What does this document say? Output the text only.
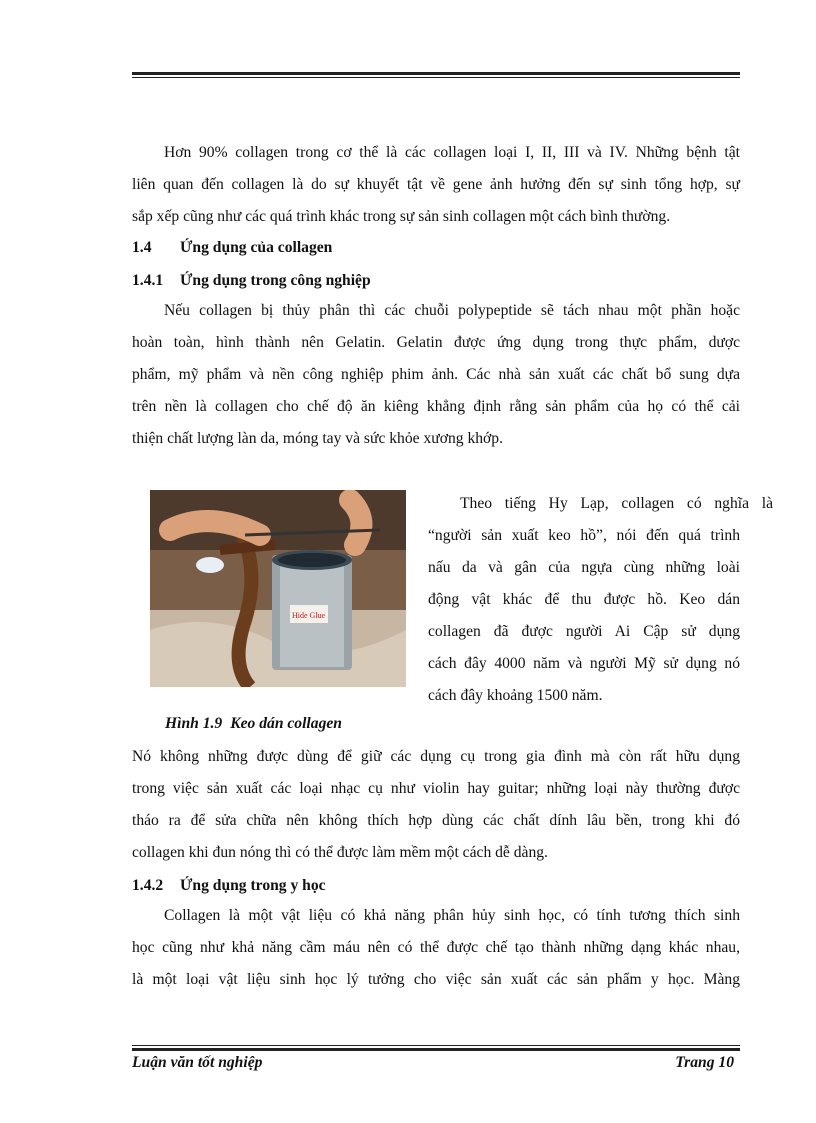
Hơn 90% collagen trong cơ thể là các collagen loại I, II, III và IV. Những bệnh tật
liên quan đến collagen là do sự khuyết tật về gene ảnh hưởng đến sự sinh tổng hợp, sự
sắp xếp cũng như các quá trình khác trong sự sản sinh collagen một cách bình thường.
1.4 Ứng dụng của collagen
1.4.1 Ứng dụng trong công nghiệp
Nếu collagen bị thủy phân thì các chuỗi polypeptide sẽ tách nhau một phần hoặc
hoàn toàn, hình thành nên Gelatin. Gelatin được ứng dụng trong thực phẩm, dược
phẩm, mỹ phẩm và nền công nghiệp phim ảnh. Các nhà sản xuất các chất bổ sung dựa
trên nền là collagen cho chế độ ăn kiêng khẳng định rằng sản phẩm của họ có thể cải
thiện chất lượng làn da, móng tay và sức khỏe xương khớp.
Hide Glue
Theo tiếng Hy Lạp, collagen có nghĩa là
“người sản xuất keo hồ”, nói đến quá trình
nấu da và gân của ngựa cùng những loài
động vật khác để thu được hồ. Keo dán
collagen đã được người Ai Cập sử dụng
cách đây 4000 năm và người Mỹ sử dụng nó
cách đây khoảng 1500 năm.
Hình 1.9 Keo dán collagen
Nó không những được dùng để giữ các dụng cụ trong gia đình mà còn rất hữu dụng
trong việc sản xuất các loại nhạc cụ như violin hay guitar; những loại này thường được
tháo ra để sửa chữa nên không thích hợp dùng các chất dính lâu bền, trong khi đó
collagen khi đun nóng thì có thể được làm mềm một cách dễ dàng.
1.4.2 Ứng dụng trong y học
Collagen là một vật liệu có khả năng phân hủy sinh học, có tính tương thích sinh
học cũng như khả năng cầm máu nên có thể được chế tạo thành những dạng khác nhau,
là một loại vật liệu sinh học lý tưởng cho việc sản xuất các sản phẩm y học. Màng
Luận văn tốt nghiệp	Trang 10
